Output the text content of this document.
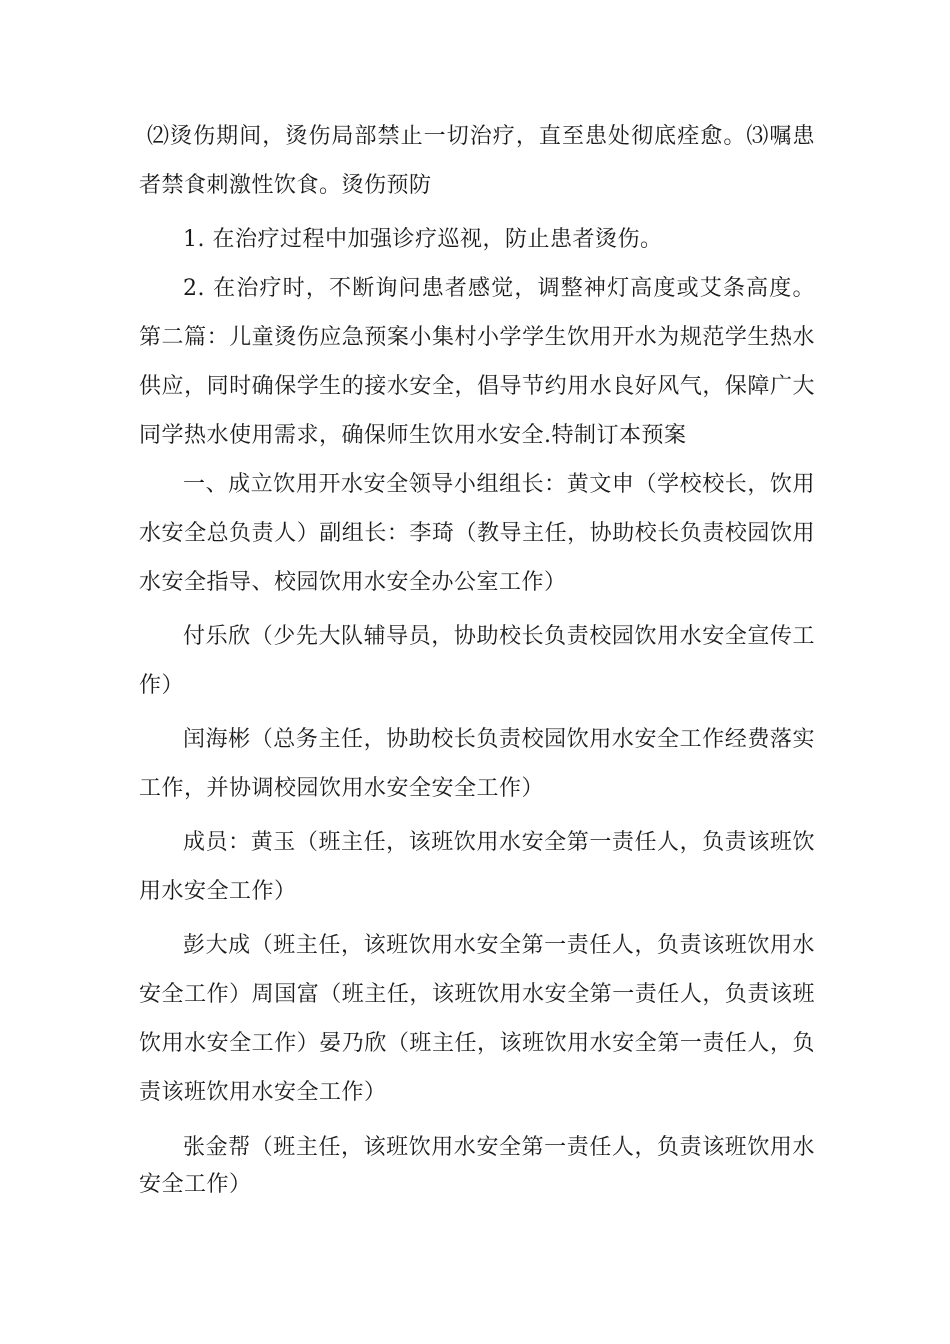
⑵烫伤期间，烫伤局部禁止一切治疗，直至患处彻底痊愈。⑶嘱患者禁食刺激性饮食。烫伤预防

1. 在治疗过程中加强诊疗巡视，防止患者烫伤。

2. 在治疗时，不断询问患者感觉，调整神灯高度或艾条高度。第二篇：儿童烫伤应急预案小集村小学学生饮用开水为规范学生热水供应，同时确保学生的接水安全，倡导节约用水良好风气，保障广大同学热水使用需求，确保师生饮用水安全.特制订本预案

一、成立饮用开水安全领导小组组长：黄文申（学校校长，饮用水安全总负责人）副组长：李琦（教导主任，协助校长负责校园饮用水安全指导、校园饮用水安全办公室工作）

付乐欣（少先大队辅导员，协助校长负责校园饮用水安全宣传工作）

闰海彬（总务主任，协助校长负责校园饮用水安全工作经费落实工作，并协调校园饮用水安全安全工作）

成员：黄玉（班主任，该班饮用水安全第一责任人，负责该班饮用水安全工作）

彭大成（班主任，该班饮用水安全第一责任人，负责该班饮用水安全工作）周国富（班主任，该班饮用水安全第一责任人，负责该班饮用水安全工作）晏乃欣（班主任，该班饮用水安全第一责任人，负责该班饮用水安全工作）

张金帮（班主任，该班饮用水安全第一责任人，负责该班饮用水安全工作）
